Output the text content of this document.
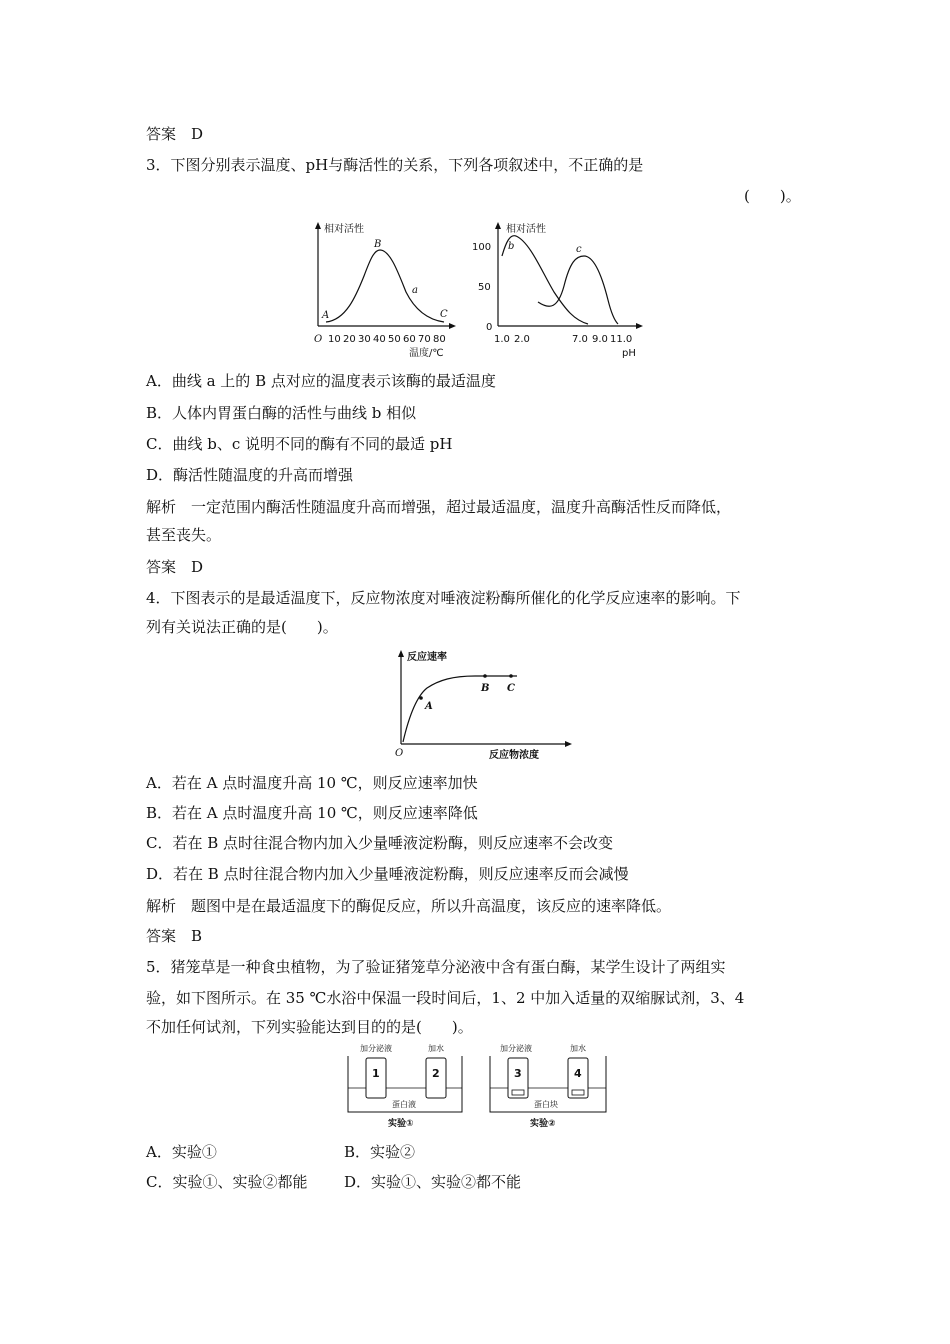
答案　D
3．下图分别表示温度、pH与酶活性的关系，下列各项叙述中，不正确的是
(　　)。
相对活性
O 10 20 30 40 50 60 70 80
温度/℃
A
B
C
a
相对活性
100
50
0
1.0 2.0	7.0 9.0 11.0
pH
b	c
A．曲线 a 上的 B 点对应的温度表示该酶的最适温度
B．人体内胃蛋白酶的活性与曲线 b 相似
C．曲线 b、c 说明不同的酶有不同的最适 pH
D．酶活性随温度的升高而增强
解析　一定范围内酶活性随温度升高而增强，超过最适温度，温度升高酶活性反而降低，
甚至丧失。
答案　D
4．下图表示的是最适温度下，反应物浓度对唾液淀粉酶所催化的化学反应速率的影响。下
列有关说法正确的是(　　)。
反应速率
O	反应物浓度
A
B C
A．若在 A 点时温度升高 10 ℃，则反应速率加快
B．若在 A 点时温度升高 10 ℃，则反应速率降低
C．若在 B 点时往混合物内加入少量唾液淀粉酶，则反应速率不会改变
D．若在 B 点时往混合物内加入少量唾液淀粉酶，则反应速率反而会减慢
解析　题图中是在最适温度下的酶促反应，所以升高温度，该反应的速率降低。
答案　B
5．猪笼草是一种食虫植物，为了验证猪笼草分泌液中含有蛋白酶，某学生设计了两组实
验，如下图所示。在 35 ℃水浴中保温一段时间后，1、2 中加入适量的双缩脲试剂，3、4
不加任何试剂，下列实验能达到目的的是(　　)。
加分泌液	加水
1	2
蛋白液
实验①
加分泌液	加水
3	4
蛋白块
实验②
A．实验①	B．实验②
C．实验①、实验②都能 D．实验①、实验②都不能
